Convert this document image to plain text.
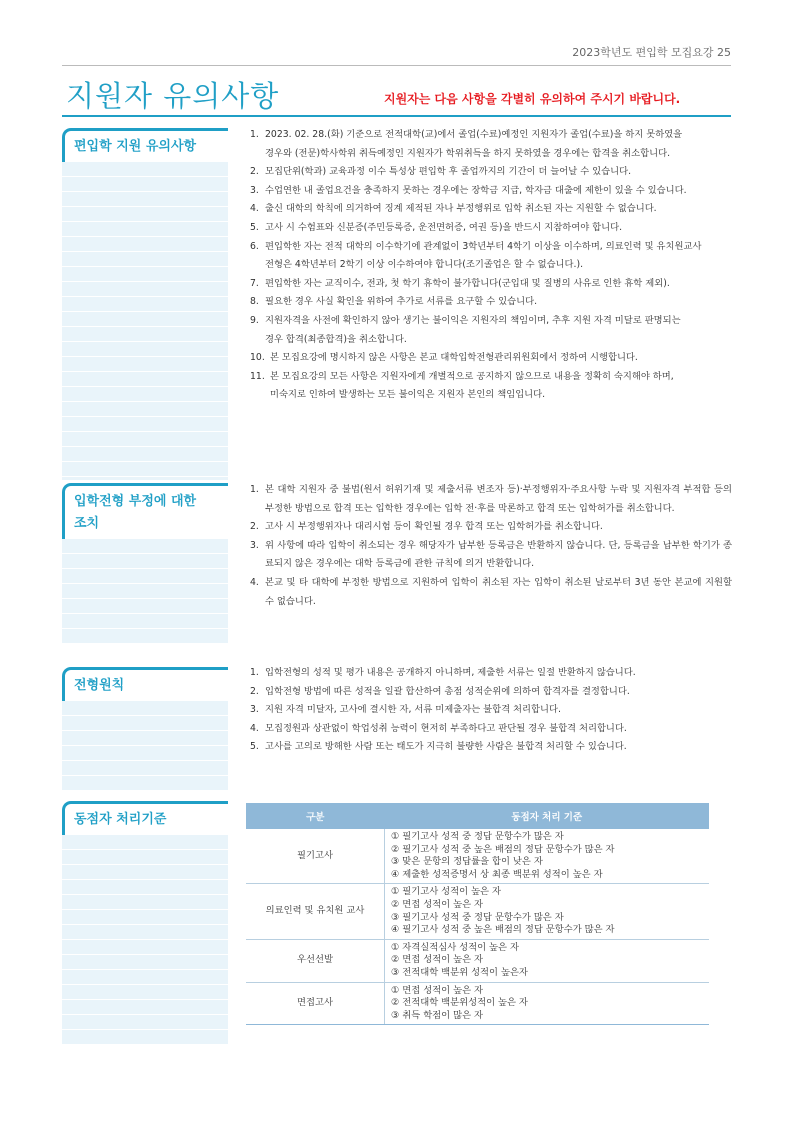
2023학년도 편입학 모집요강 25
지원자 유의사항	지원자는 다음 사항을 각별히 유의하여 주시기 바랍니다.
편입학 지원 유의사항
1. 2023. 02. 28.(화) 기준으로 전적대학(교)에서 졸업(수료)예정인 지원자가 졸업(수료)을 하지 못하였을
경우와 (전문)학사학위 취득예정인 지원자가 학위취득을 하지 못하였을 경우에는 합격을 취소합니다.
2. 모집단위(학과) 교육과정 이수 특성상 편입학 후 졸업까지의 기간이 더 늘어날 수 있습니다.
3. 수업연한 내 졸업요건을 충족하지 못하는 경우에는 장학금 지급, 학자금 대출에 제한이 있을 수 있습니다.
4. 출신 대학의 학칙에 의거하여 징계 제적된 자나 부정행위로 입학 취소된 자는 지원할 수 없습니다.
5. 고사 시 수험표와 신분증(주민등록증, 운전면허증, 여권 등)을 반드시 지참하여야 합니다.
6. 편입학한 자는 전적 대학의 이수학기에 관계없이 3학년부터 4학기 이상을 이수하며, 의료인력 및 유치원교사
전형은 4학년부터 2학기 이상 이수하여야 합니다(조기졸업은 할 수 없습니다.).
7. 편입학한 자는 교직이수, 전과, 첫 학기 휴학이 불가합니다(군입대 및 질병의 사유로 인한 휴학 제외).
8. 필요한 경우 사실 확인을 위하여 추가로 서류를 요구할 수 있습니다.
9. 지원자격을 사전에 확인하지 않아 생기는 불이익은 지원자의 책임이며, 추후 지원 자격 미달로 판명되는
경우 합격(최종합격)을 취소합니다.
10. 본 모집요강에 명시하지 않은 사항은 본교 대학입학전형관리위원회에서 정하여 시행합니다.
11. 본 모집요강의 모든 사항은 지원자에게 개별적으로 공지하지 않으므로 내용을 정확히 숙지해야 하며,
미숙지로 인하여 발생하는 모든 불이익은 지원자 본인의 책임입니다.
입학전형 부정에 대한
조치
1. 본 대학 지원자 중 불법(원서 허위기재 및 제출서류 변조자 등)·부정행위자·주요사항 누락 및 지원자격 부적합 등의 부정한 방법으로 합격 또는 입학한 경우에는 입학 전·후를 막론하고 합격 또는 입학허가를 취소합니다.
2. 고사 시 부정행위자나 대리시험 등이 확인될 경우 합격 또는 입학허가를 취소합니다.
3. 위 사항에 따라 입학이 취소되는 경우 해당자가 납부한 등록금은 반환하지 않습니다. 단, 등록금을 납부한 학기가 종료되지 않은 경우에는 대학 등록금에 관한 규칙에 의거 반환합니다.
4. 본교 및 타 대학에 부정한 방법으로 지원하여 입학이 취소된 자는 입학이 취소된 날로부터 3년 동안 본교에 지원할 수 없습니다.
전형원칙
1. 입학전형의 성적 및 평가 내용은 공개하지 아니하며, 제출한 서류는 일절 반환하지 않습니다.
2. 입학전형 방법에 따른 성적을 일괄 합산하여 총점 성적순위에 의하여 합격자를 결정합니다.
3. 지원 자격 미달자, 고사에 결시한 자, 서류 미제출자는 불합격 처리합니다.
4. 모집정원과 상관없이 학업성취 능력이 현저히 부족하다고 판단될 경우 불합격 처리합니다.
5. 고사를 고의로 방해한 사람 또는 태도가 지극히 불량한 사람은 불합격 처리할 수 있습니다.
동점자 처리기준	구분	동점자 처리 기준
필기고사	① 필기고사 성적 중 정답 문항수가 많은 자
② 필기고사 성적 중 높은 배점의 정답 문항수가 많은 자
③ 맞은 문항의 정답률을 합이 낮은 자
④ 제출한 성적증명서 상 최종 백분위 성적이 높은 자

의료인력 및 유치원 교사	① 필기고사 성적이 높은 자
② 면접 성적이 높은 자
③ 필기고사 성적 중 정답 문항수가 많은 자
④ 필기고사 성적 중 높은 배점의 정답 문항수가 많은 자

우선선발	① 자격실적심사 성적이 높은 자
② 면접 성적이 높은 자
③ 전적대학 백분위 성적이 높은자

면접고사	① 면접 성적이 높은 자
② 전적대학 백분위성적이 높은 자
③ 취득 학점이 많은 자
